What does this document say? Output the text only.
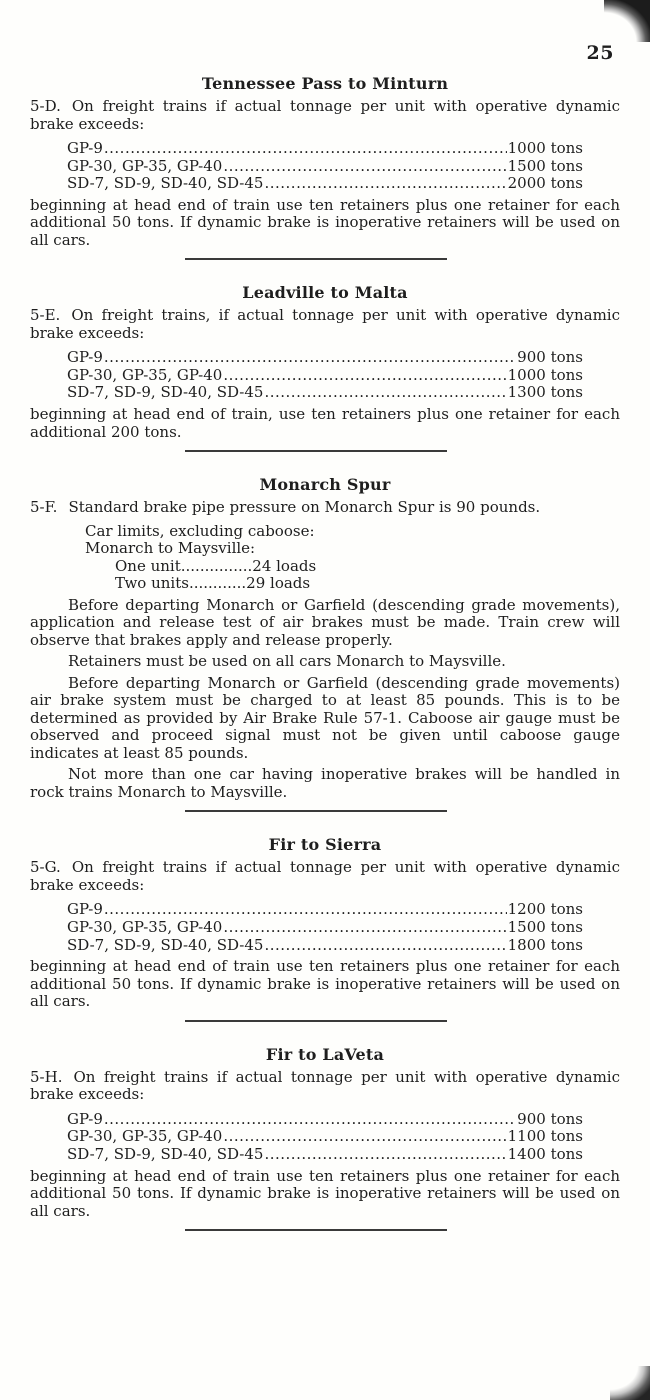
25
Tennessee Pass to Minturn

5-D. On freight trains if actual tonnage per unit with operative dynamic brake exceeds:

GP-9 .....	1000 tons
GP-30, GP-35, GP-40 .....	1500 tons
SD-7, SD-9, SD-40, SD-45 .....	2000 tons

beginning at head end of train use ten retainers plus one retainer for each additional 50 tons. If dynamic brake is inoperative retainers will be used on all cars.

Leadville to Malta

5-E. On freight trains, if actual tonnage per unit with operative dynamic brake exceeds:

GP-9 .....	900 tons
GP-30, GP-35, GP-40 .....	1000 tons
SD-7, SD-9, SD-40, SD-45 .....	1300 tons

beginning at head end of train, use ten retainers plus one retainer for each additional 200 tons.

Monarch Spur

5-F. Standard brake pipe pressure on Monarch Spur is 90 pounds.

Car limits, excluding caboose:
Monarch to Maysville:
One unit...............24 loads
Two units............29 loads

Before departing Monarch or Garfield (descending grade movements), application and release test of air brakes must be made. Train crew will observe that brakes apply and release properly.

Retainers must be used on all cars Monarch to Maysville.

Before departing Monarch or Garfield (descending grade movements) air brake system must be charged to at least 85 pounds. This is to be determined as provided by Air Brake Rule 57-1. Caboose air gauge must be observed and proceed signal must not be given until caboose gauge indicates at least 85 pounds.

Not more than one car having inoperative brakes will be handled in rock trains Monarch to Maysville.

Fir to Sierra

5-G. On freight trains if actual tonnage per unit with operative dynamic brake exceeds:

GP-9 .....	1200 tons
GP-30, GP-35, GP-40 .....	1500 tons
SD-7, SD-9, SD-40, SD-45 .....	1800 tons

beginning at head end of train use ten retainers plus one retainer for each additional 50 tons. If dynamic brake is inoperative retainers will be used on all cars.

Fir to LaVeta

5-H. On freight trains if actual tonnage per unit with operative dynamic brake exceeds:

GP-9 .....	900 tons
GP-30, GP-35, GP-40 .....	1100 tons
SD-7, SD-9, SD-40, SD-45 .....	1400 tons

beginning at head end of train use ten retainers plus one retainer for each additional 50 tons. If dynamic brake is inoperative retainers will be used on all cars.
